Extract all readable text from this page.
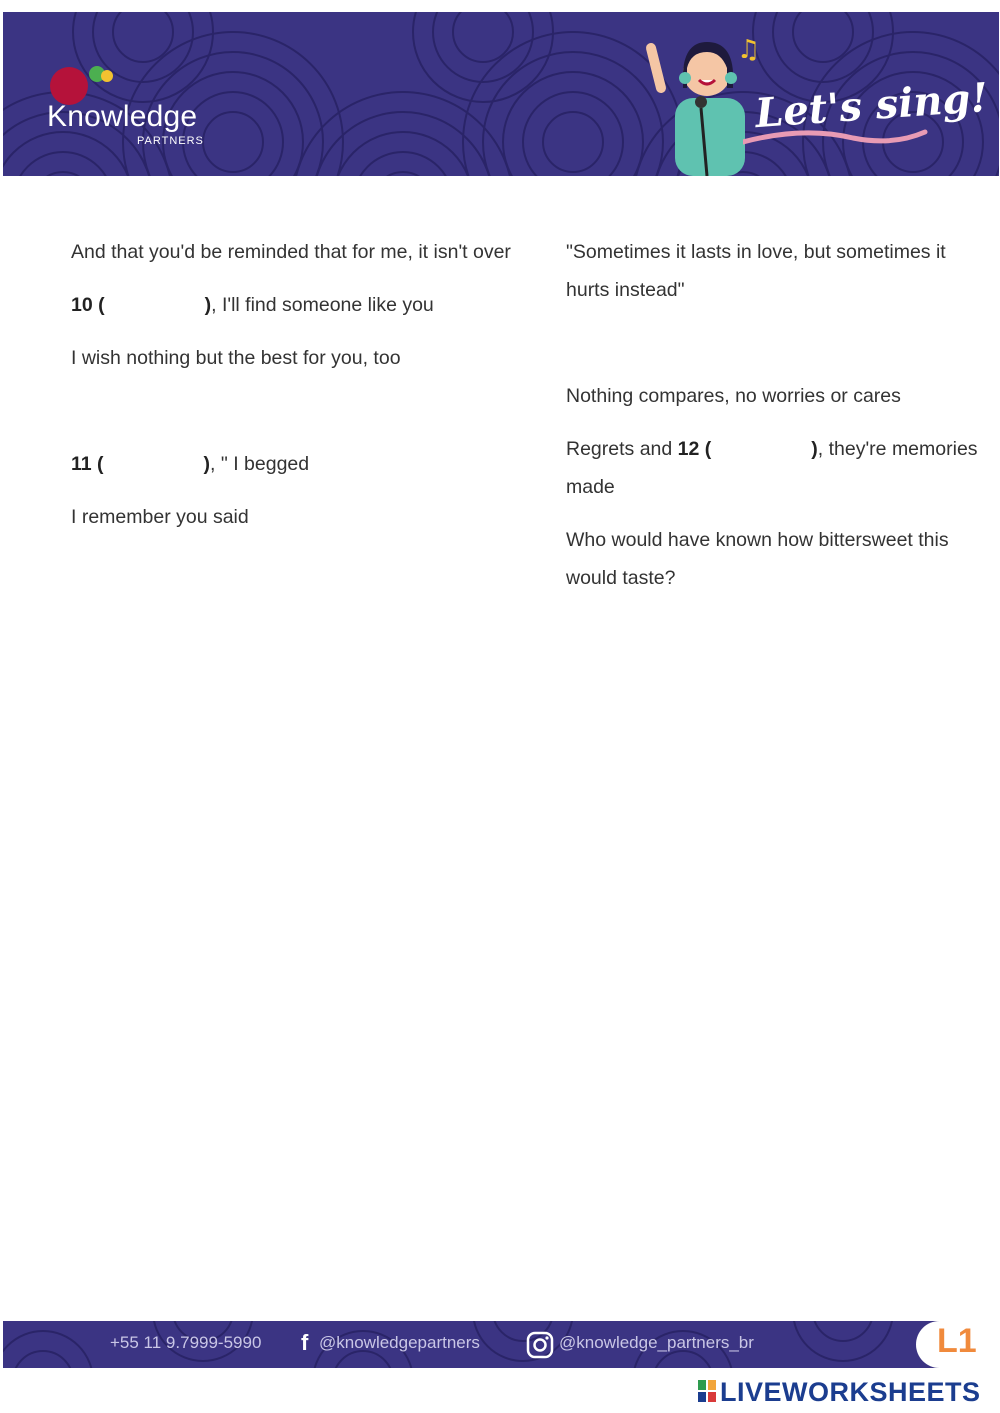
Knowledge
PARTNERS
♫
Let's sing!

And that you'd be reminded that for me, it isn't over

10 (	), I'll find someone like you

I wish nothing but the best for you, too

11 (	), " I begged

I remember you said

"Sometimes it lasts in love, but sometimes it hurts instead"

Nothing compares, no worries or cares

Regrets and 12 (	), they're memories made

Who would have known how bittersweet this would taste?

+55 11 9.7999-5990 f @knowledgepartners	@knowledge_partners_br	L1
LIVEWORKSHEETS
